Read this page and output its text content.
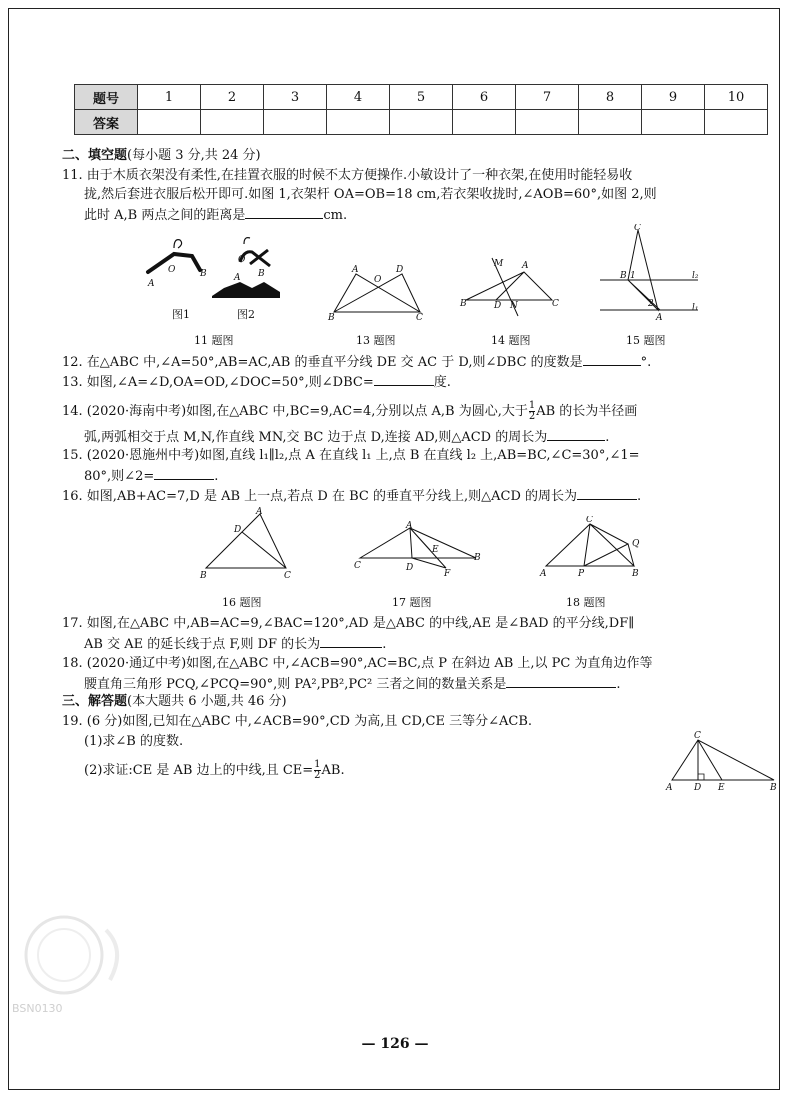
题号	1	2	3	4	5	6	7	8	9	10
答案										
二、填空题(每小题 3 分,共 24 分)
11. 由于木质衣架没有柔性,在挂置衣服的时候不太方便操作.小敏设计了一种衣架,在使用时能轻易收
拢,然后套进衣服后松开即可.如图 1,衣架杆 OA=OB=18 cm,若衣架收拢时,∠AOB=60°,如图 2,则
此时 A,B 两点之间的距离是	cm.
O
A
B
O
A B
图1	图2
A	D
O
B	C
M A
B	D N	C
C
B 1
2
A
l₂
l₁
11 题图	13 题图	14 题图	15 题图
12. 在△ABC 中,∠A=50°,AB=AC,AB 的垂直平分线 DE 交 AC 于 D,则∠DBC 的度数是	°.
13. 如图,∠A=∠D,OA=OD,∠DOC=50°,则∠DBC=	度.
14. (2020·海南中考)如图,在△ABC 中,BC=9,AC=4,分别以点 A,B 为圆心,大于 $\frac{1}{2}$ AB 的长为半径画
弧,两弧相交于点 M,N,作直线 MN,交 BC 边于点 D,连接 AD,则△ACD 的周长为	.
15. (2020·恩施州中考)如图,直线 l₁∥l₂,点 A 在直线 l₁ 上,点 B 在直线 l₂ 上,AB=BC,∠C=30°,∠1=
80°,则∠2=	.
16. 如图,AB+AC=7,D 是 AB 上一点,若点 D 在 BC 的垂直平分线上,则△ACD 的周长为	.
A
D
B	C
A
E
B
C	D
F
C
Q
A	P	B
16 题图	17 题图	18 题图
17. 如图,在△ABC 中,AB=AC=9,∠BAC=120°,AD 是△ABC 的中线,AE 是∠BAD 的平分线,DF∥
AB 交 AE 的延长线于点 F,则 DF 的长为	.
18. (2020·通辽中考)如图,在△ABC 中,∠ACB=90°,AC=BC,点 P 在斜边 AB 上,以 PC 为直角边作等
腰直角三角形 PCQ,∠PCQ=90°,则 PA²,PB²,PC² 三者之间的数量关系是	.
三、解答题(本大题共 6 小题,共 46 分)
19. (6 分)如图,已知在△ABC 中,∠ACB=90°,CD 为高,且 CD,CE 三等分∠ACB.
(1)求∠B 的度数.
(2)求证:CE 是 AB 边上的中线,且 $CE= \frac{1}{2}$ AB.
C
A D E	B
BSN0130
— 126 —
